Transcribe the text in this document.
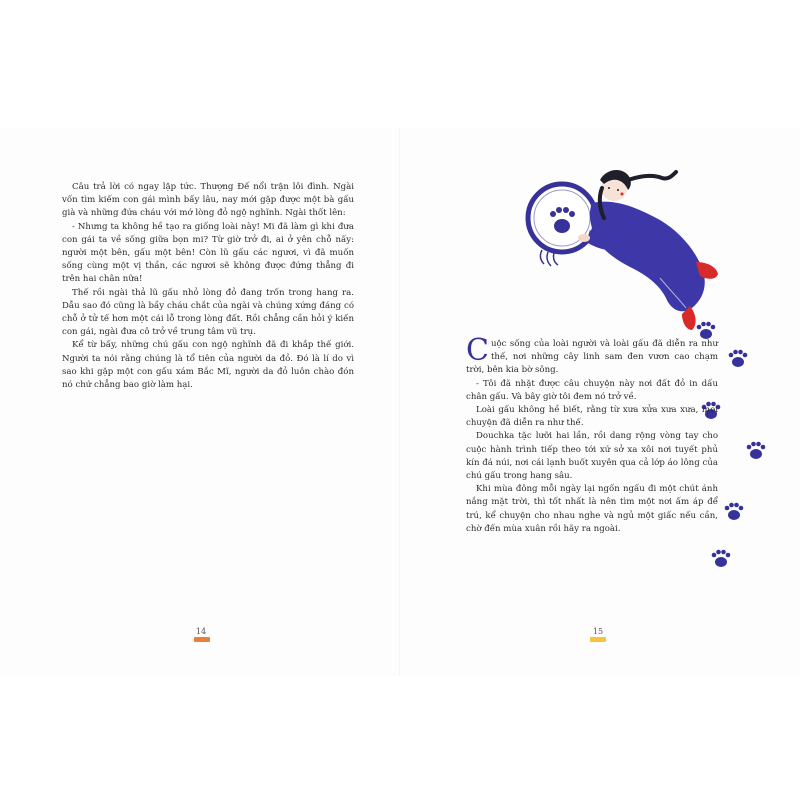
Câu trả lời có ngay lập tức. Thượng Đế nổi trận lôi đình. Ngài vốn tìm kiếm con gái mình bấy lâu, nay mới gặp được một bà gấu già và những đứa cháu với mớ lòng đỏ ngộ nghĩnh. Ngài thốt lên:

- Nhưng ta không hề tạo ra giống loài này! Mi đã làm gì khi đưa con gái ta về sống giữa bọn mi? Từ giờ trở đi, ai ở yên chỗ nấy: người một bên, gấu một bên! Còn lũ gấu các ngươi, vì đã muốn sống cùng một vị thần, các ngươi sẽ không được đứng thẳng đi trên hai chân nữa!

Thế rồi ngài thả lũ gấu nhỏ lòng đỏ đang trốn trong hang ra. Dẫu sao đó cũng là bầy cháu chắt của ngài và chúng xứng đáng có chỗ ở tử tế hơn một cái lỗ trong lòng đất. Rồi chẳng cần hỏi ý kiến con gái, ngài đưa cô trở về trung tâm vũ trụ.

Kể từ bấy, những chú gấu con ngộ nghĩnh đã đi khắp thế giới. Người ta nói rằng chúng là tổ tiên của người da đỏ. Đó là lí do vì sao khi gặp một con gấu xám Bắc Mĩ, người da đỏ luôn chào đón nó chứ chẳng bao giờ làm hại.

14

Cuộc sống của loài người và loài gấu đã diễn ra như thế, nơi những cây linh sam đen vươn cao chạm trời, bên kia bờ sông.

- Tôi đã nhặt được câu chuyện này nơi đất đỏ in dấu chân gấu. Và bây giờ tôi đem nó trở về.

Loài gấu không hề biết, rằng từ xưa xửa xưa xưa, mọi chuyện đã diễn ra như thế.

Douchka tặc lưỡi hai lần, rồi dang rộng vòng tay cho cuộc hành trình tiếp theo tới xứ sở xa xôi nơi tuyết phủ kín đá núi, nơi cái lạnh buốt xuyên qua cả lớp áo lông của chú gấu trong hang sâu.

Khi mùa đông mỗi ngày lại ngốn ngấu đi một chút ánh nắng mặt trời, thì tốt nhất là nên tìm một nơi ấm áp để trú, kể chuyện cho nhau nghe và ngủ một giấc nếu cần, chờ đến mùa xuân rồi hãy ra ngoài.

15
